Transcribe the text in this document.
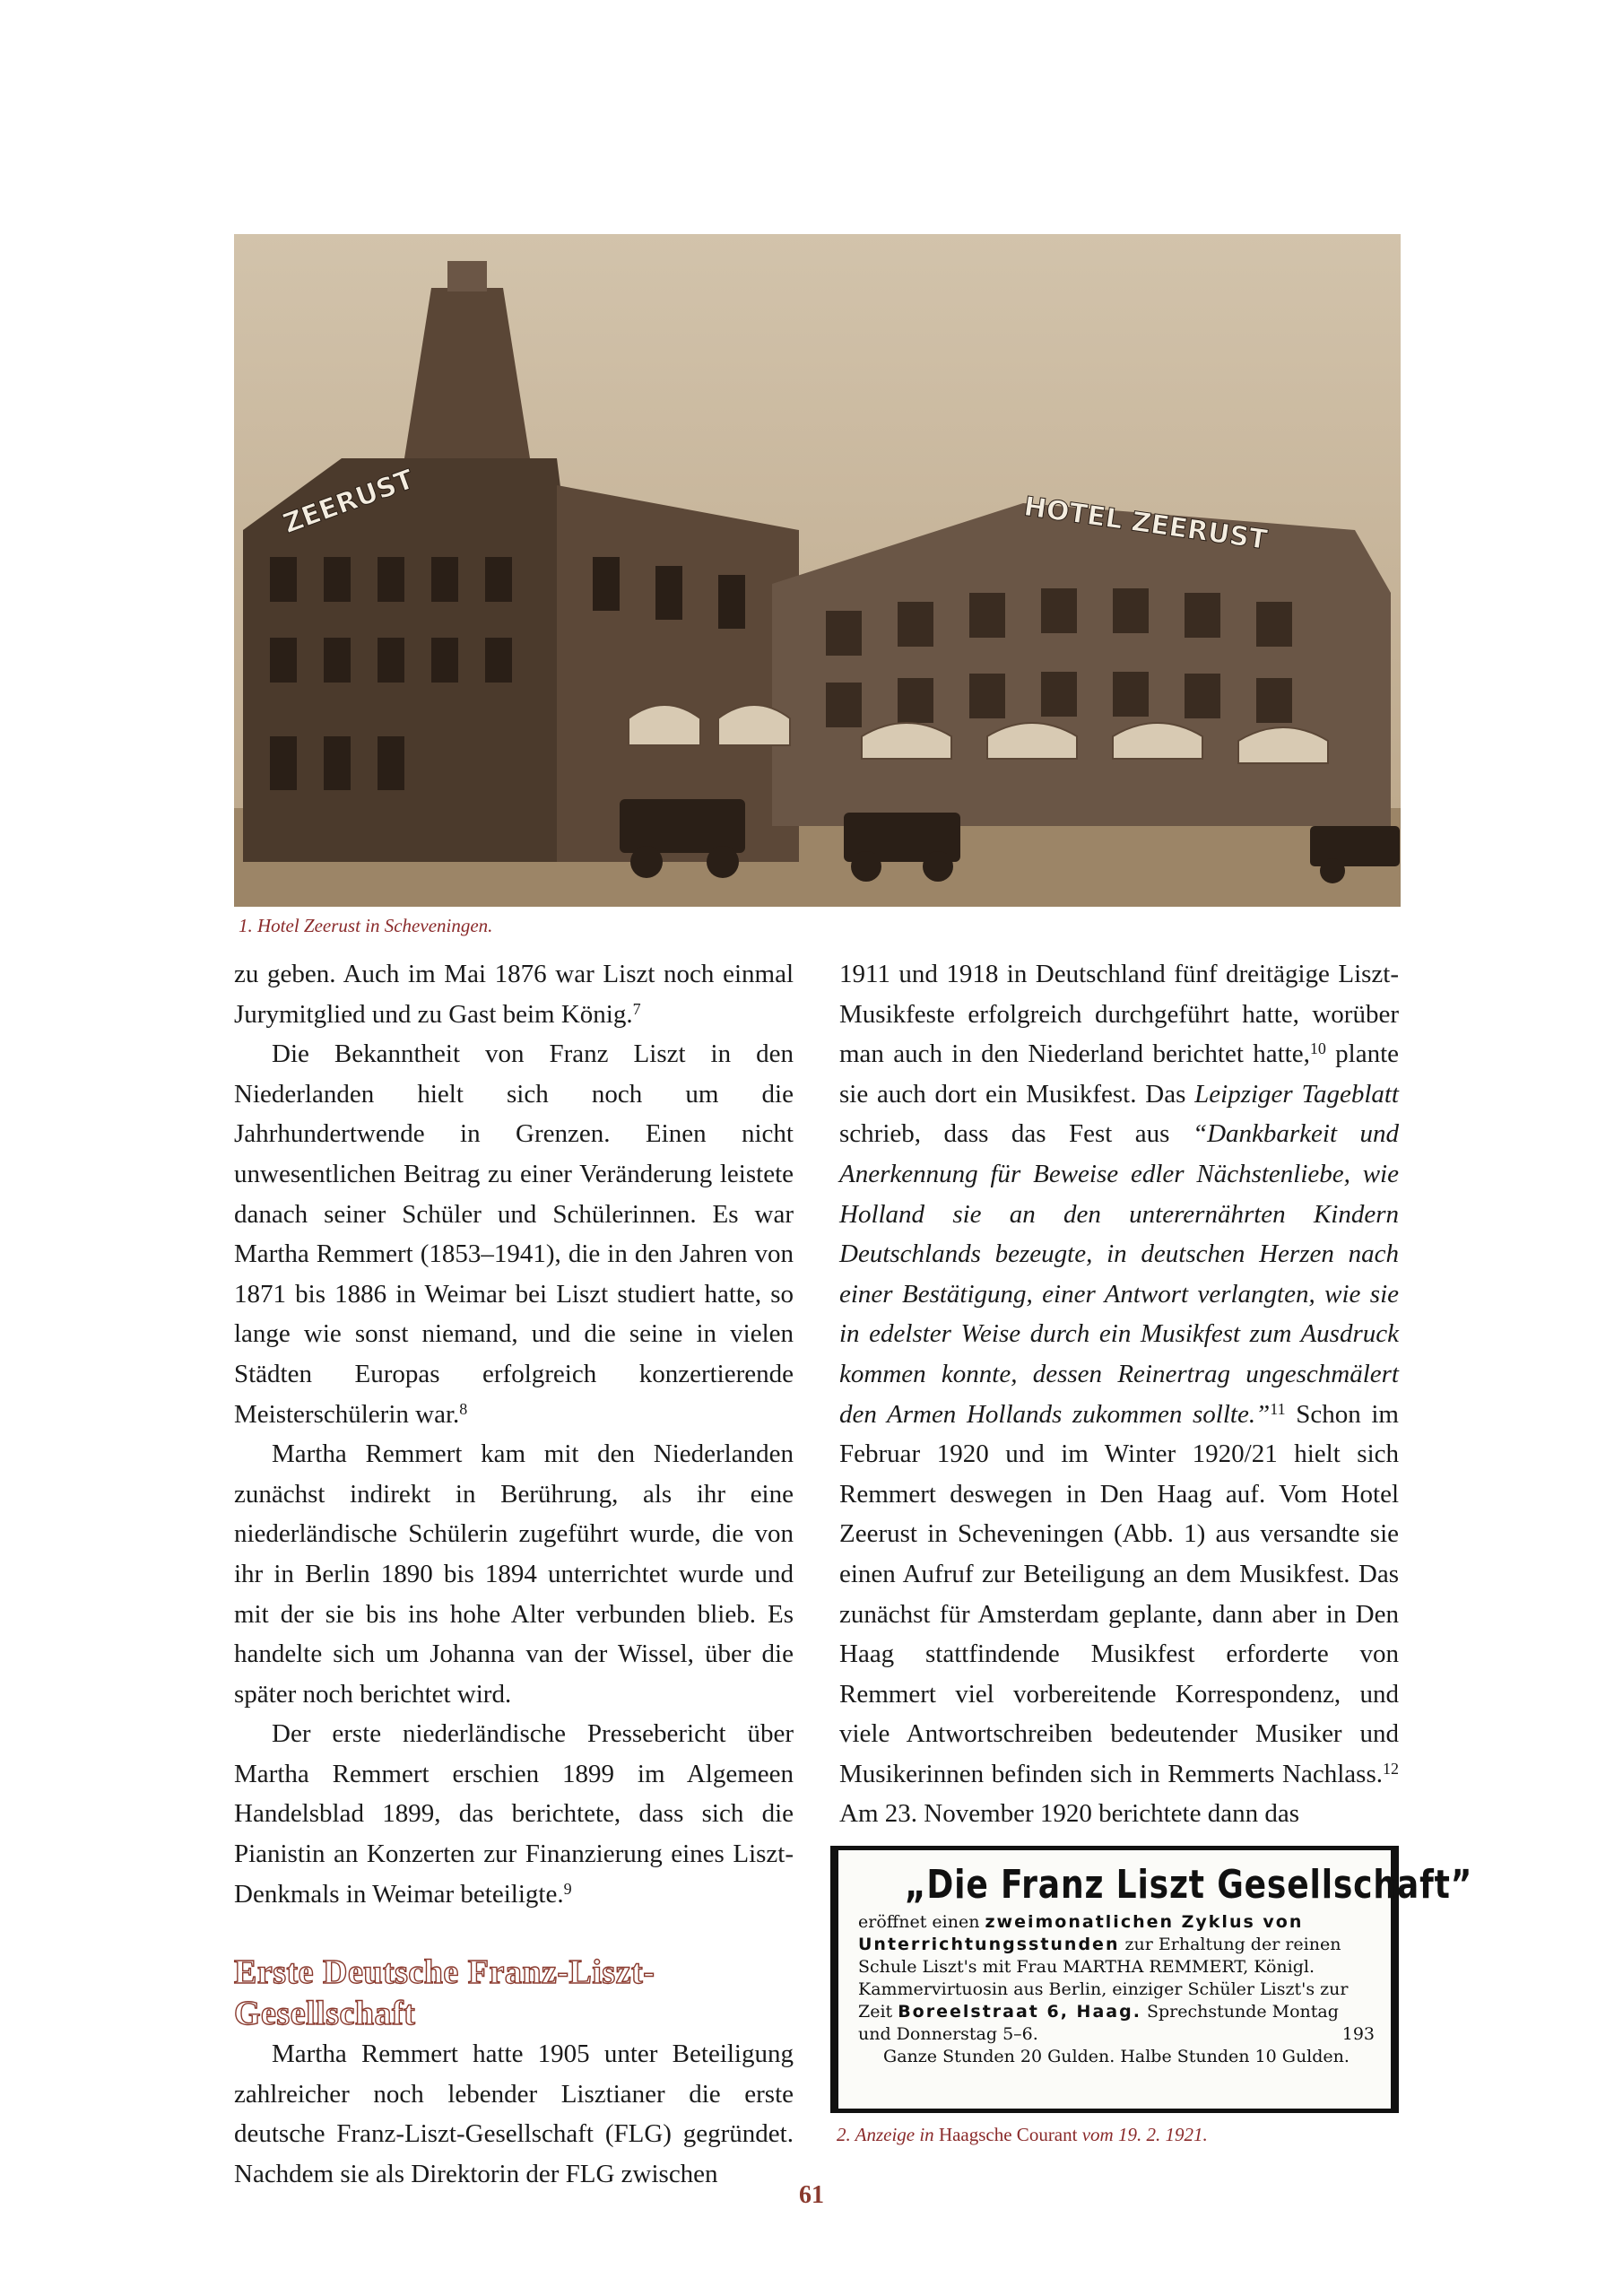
ZEERUST	HOTEL ZEERUST
1. Hotel Zeerust in Scheveningen.

zu geben. Auch im Mai 1876 war Liszt noch einmal Jurymitglied und zu Gast beim König.$^7$

Die Bekanntheit von Franz Liszt in den Niederlanden hielt sich noch um die Jahrhundertwende in Grenzen. Einen nicht unwesentlichen Beitrag zu einer Veränderung leistete danach seiner Schüler und Schülerinnen. Es war Martha Remmert (1853–1941), die in den Jahren von 1871 bis 1886 in Weimar bei Liszt studiert hatte, so lange wie sonst niemand, und die seine in vielen Städten Europas erfolgreich konzertierende Meisterschülerin war.$^8$

Martha Remmert kam mit den Niederlanden zunächst indirekt in Berührung, als ihr eine niederländische Schülerin zugeführt wurde, die von ihr in Berlin 1890 bis 1894 unterrichtet wurde und mit der sie bis ins hohe Alter verbunden blieb. Es handelte sich um Johanna van der Wissel, über die später noch berichtet wird.

Der erste niederländische Pressebericht über Martha Remmert erschien 1899 im Algemeen Handelsblad 1899, das berichtete, dass sich die Pianistin an Konzerten zur Finanzierung eines Liszt-Denkmals in Weimar beteiligte.$^9$

Erste Deutsche Franz-Liszt-Gesellschaft

Martha Remmert hatte 1905 unter Beteiligung zahlreicher noch lebender Lisztianer die erste deutsche Franz-Liszt-Gesellschaft (FLG) gegründet. Nachdem sie als Direktorin der FLG zwischen

1911 und 1918 in Deutschland fünf dreitägige Liszt-Musikfeste erfolgreich durchgeführt hatte, worüber man auch in den Niederland berichtet hatte,$^{10}$ plante sie auch dort ein Musikfest. Das Leipziger Tageblatt schrieb, dass das Fest aus “Dankbarkeit und Anerkennung für Beweise edler Nächstenliebe, wie Holland sie an den unterernährten Kindern Deutschlands bezeugte, in deutschen Herzen nach einer Bestätigung, einer Antwort verlangten, wie sie in edelster Weise durch ein Musikfest zum Ausdruck kommen konnte, dessen Reinertrag ungeschmälert den Armen Hollands zukommen sollte.”$^{11}$ Schon im Februar 1920 und im Winter 1920/21 hielt sich Remmert deswegen in Den Haag auf. Vom Hotel Zeerust in Scheveningen (Abb. 1) aus versandte sie einen Aufruf zur Beteiligung an dem Musikfest. Das zunächst für Amsterdam geplante, dann aber in Den Haag stattfindende Musikfest erforderte von Remmert viel vorbereitende Korrespondenz, und viele Antwortschreiben bedeutender Musiker und Musikerinnen befinden sich in Remmerts Nachlass.$^{12}$ Am 23. November 1920 berichtete dann das

„Die Franz Liszt Gesellschaft”
eröffnet einen zweimonatlichen Zyklus von
Unterrichtungsstunden zur Erhaltung der reinen
Schule Liszt's mit Frau MARTHA REMMERT, Königl.
Kammervirtuosin aus Berlin, einziger Schüler Liszt's zur
Zeit Boreelstraat 6, Haag. Sprechstunde Montag
und Donnerstag 5–6.	193
Ganze Stunden 20 Gulden. Halbe Stunden 10 Gulden.
2. Anzeige in Haagsche Courant vom 19. 2. 1921.
61
